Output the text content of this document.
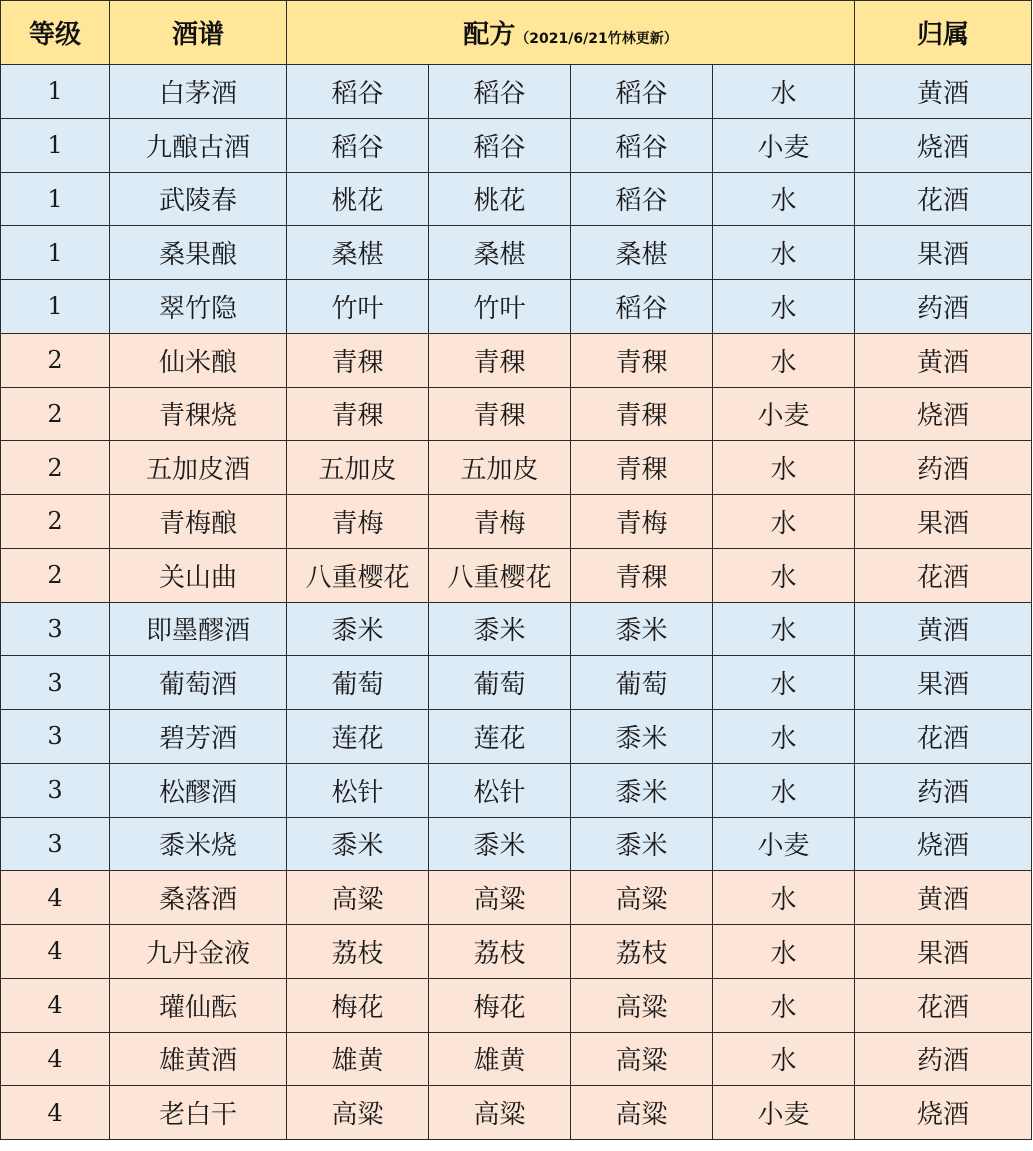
等级	酒谱	配方（2021/6/21竹林更新）				归属
1	白茅酒	稻谷	稻谷	稻谷	水	黄酒
1	九酿古酒	稻谷	稻谷	稻谷	小麦	烧酒
1	武陵春	桃花	桃花	稻谷	水	花酒
1	桑果酿	桑椹	桑椹	桑椹	水	果酒
1	翠竹隐	竹叶	竹叶	稻谷	水	药酒
2	仙米酿	青稞	青稞	青稞	水	黄酒
2	青稞烧	青稞	青稞	青稞	小麦	烧酒
2	五加皮酒	五加皮	五加皮	青稞	水	药酒
2	青梅酿	青梅	青梅	青梅	水	果酒
2	关山曲	八重樱花	八重樱花	青稞	水	花酒
3	即墨醪酒	黍米	黍米	黍米	水	黄酒
3	葡萄酒	葡萄	葡萄	葡萄	水	果酒
3	碧芳酒	莲花	莲花	黍米	水	花酒
3	松醪酒	松针	松针	黍米	水	药酒
3	黍米烧	黍米	黍米	黍米	小麦	烧酒
4	桑落酒	高粱	高粱	高粱	水	黄酒
4	九丹金液	荔枝	荔枝	荔枝	水	果酒
4	瓘仙酝	梅花	梅花	高粱	水	花酒
4	雄黄酒	雄黄	雄黄	高粱	水	药酒
4	老白干	高粱	高粱	高粱	小麦	烧酒
